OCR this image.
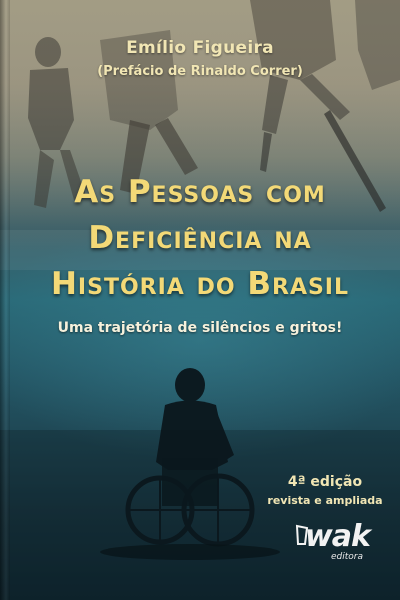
Emílio Figueira
(Prefácio de Rinaldo Correr)
As Pessoas com
Deficiência na
História do Brasil
Uma trajetória de silêncios e gritos!
4ª edição
revista e ampliada
wak
editora
